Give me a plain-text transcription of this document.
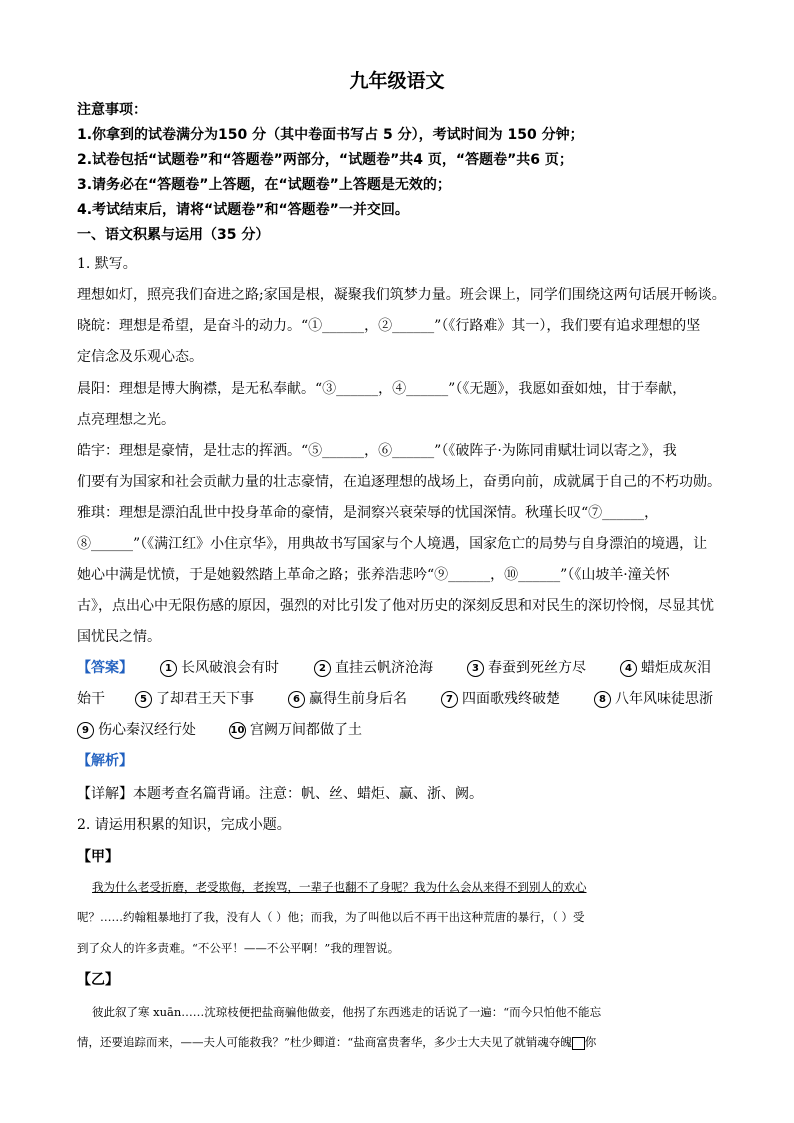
九年级语文
注意事项：
1.你拿到的试卷满分为150 分（其中卷面书写占 5 分），考试时间为 150 分钟；
2.试卷包括“试题卷”和“答题卷”两部分，“试题卷”共4 页，“答题卷”共6 页；
3.请务必在“答题卷”上答题，在“试题卷”上答题是无效的；
4.考试结束后，请将“试题卷”和“答题卷”一并交回。
一、语文积累与运用（35 分）
1. 默写。
理想如灯，照亮我们奋进之路;家国是根，凝聚我们筑梦力量。班会课上，同学们围绕这两句话展开畅谈。
晓皖：理想是希望，是奋斗的动力。“①______，②______”（《行路难》其一），我们要有追求理想的坚
定信念及乐观心态。
晨阳：理想是博大胸襟，是无私奉献。“③______，④______”（《无题》，我愿如蚕如烛，甘于奉献，
点亮理想之光。
皓宇：理想是豪情，是壮志的挥洒。“⑤______，⑥______”（《破阵子·为陈同甫赋壮词以寄之》，我
们要有为国家和社会贡献力量的壮志豪情，在追逐理想的战场上，奋勇向前，成就属于自己的不朽功勋。
雅琪：理想是漂泊乱世中投身革命的豪情，是洞察兴衰荣辱的忧国深情。秋瑾长叹“⑦______，
⑧______”（《满江红》小住京华》，用典故书写国家与个人境遇，国家危亡的局势与自身漂泊的境遇，让
她心中满是忧愤，于是她毅然踏上革命之路；张养浩悲吟“⑨______，⑩______”（《山坡羊·潼关怀
古》，点出心中无限伤感的原因，强烈的对比引发了他对历史的深刻反思和对民生的深切怜悯，尽显其忧
国忧民之情。
【答案】	1 长风破浪会有时	2 直挂云帆济沧海	3 春蚕到死丝方尽	4 蜡炬成灰泪
始干	5 了却君王天下事	6 赢得生前身后名	7 四面歌残终破楚	8 八年风味徒思浙
9 伤心秦汉经行处	10 宫阙万间都做了土
【解析】
【详解】本题考查名篇背诵。注意：帆、丝、蜡炬、赢、浙、阙。
2. 请运用积累的知识，完成小题。
【甲】
我为什么老受折磨，老受欺侮，老挨骂，一辈子也翻不了身呢？我为什么会从来得不到别人的欢心
呢？……约翰粗暴地打了我，没有人（ ）他；而我，为了叫他以后不再干出这种荒唐的暴行，（ ）受
到了众人的许多责难。“不公平！——不公平啊！”我的理智说。
【乙】
彼此叙了寒 xuān……沈琼枝便把盐商骗他做妾，他拐了东西逃走的话说了一遍：“而今只怕他不能忘
情，还要追踪而来，——夫人可能救我？”杜少卿道：“盐商富贵奢华，多少士大夫见了就销魂夺魄 你
